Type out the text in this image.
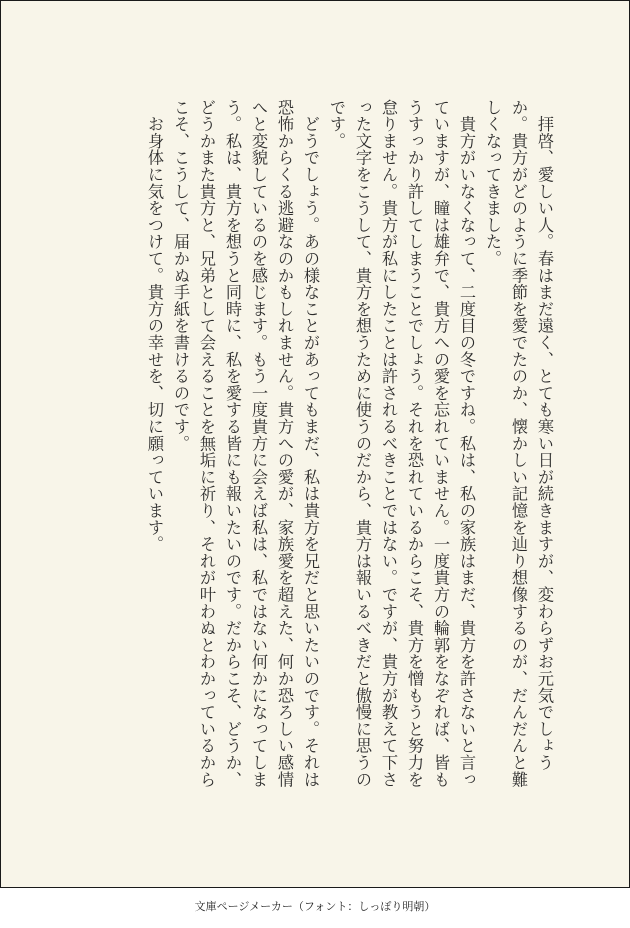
　拝啓、愛しい人。春はまだ遠く、とても寒い日が続きますが、変わらずお元気でしょうか。貴方がどのように季節を愛でたのか、懐かしい記憶を辿り想像するのが、だんだんと難しくなってきました。

　貴方がいなくなって、二度目の冬ですね。私は、私の家族はまだ、貴方を許さないと言っていますが、瞳は雄弁で、貴方への愛を忘れていません。一度貴方の輪郭をなぞれば、皆もうすっかり許してしまうことでしょう。それを恐れているからこそ、貴方を憎もうと努力を怠りません。貴方が私にしたことは許されるべきことではない。ですが、貴方が教えて下さった文字をこうして、貴方を想うために使うのだから、貴方は報いるべきだと傲慢に思うのです。

　どうでしょう。あの様なことがあってもまだ、私は貴方を兄だと思いたいのです。それは恐怖からくる逃避なのかもしれません。貴方への愛が、家族愛を超えた、何か恐ろしい感情へと変貌しているのを感じます。もう一度貴方に会えば私は、私ではない何かになってしまう。私は、貴方を想うと同時に、私を愛する皆にも報いたいのです。だからこそ、どうか、どうかまた貴方と、兄弟として会えることを無垢に祈り、それが叶わぬとわかっているからこそ、こうして、届かぬ手紙を書けるのです。

　お身体に気をつけて。貴方の幸せを、切に願っています。

文庫ページメーカー（フォント：しっぽり明朝）
